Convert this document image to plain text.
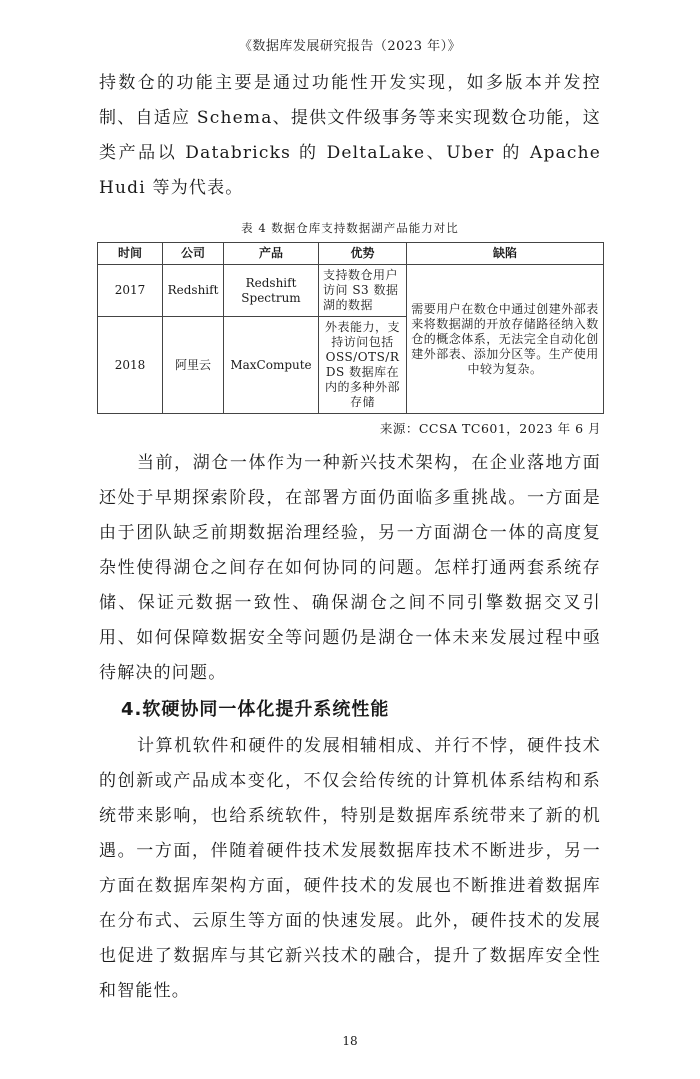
《数据库发展研究报告（2023 年）》

持数仓的功能主要是通过功能性开发实现，如多版本并发控制、自适应 Schema、提供文件级事务等来实现数仓功能，这类产品以 Databricks 的 DeltaLake、Uber 的 Apache Hudi 等为代表。

表 4 数据仓库支持数据湖产品能力对比
时间	公司	产品	优势	缺陷
2017	Redshift	Redshift Spectrum	支持数仓用户访问 S3 数据湖的数据	需要用户在数仓中通过创建外部表来将数据湖的开放存储路径纳入数仓的概念体系，无法完全自动化创建外部表、添加分区等。生产使用中较为复杂。
2018	阿里云	MaxCompute	外表能力，支持访问包括 OSS/OTS/RDS 数据库在内的多种外部存储	
来源：CCSA TC601，2023 年 6 月

当前，湖仓一体作为一种新兴技术架构，在企业落地方面还处于早期探索阶段，在部署方面仍面临多重挑战。一方面是由于团队缺乏前期数据治理经验，另一方面湖仓一体的高度复杂性使得湖仓之间存在如何协同的问题。怎样打通两套系统存储、保证元数据一致性、确保湖仓之间不同引擎数据交叉引用、如何保障数据安全等问题仍是湖仓一体未来发展过程中亟待解决的问题。

4.软硬协同一体化提升系统性能

计算机软件和硬件的发展相辅相成、并行不悖，硬件技术的创新或产品成本变化，不仅会给传统的计算机体系结构和系统带来影响，也给系统软件，特别是数据库系统带来了新的机遇。一方面，伴随着硬件技术发展数据库技术不断进步，另一方面在数据库架构方面，硬件技术的发展也不断推进着数据库在分布式、云原生等方面的快速发展。此外，硬件技术的发展也促进了数据库与其它新兴技术的融合，提升了数据库安全性和智能性。

18
